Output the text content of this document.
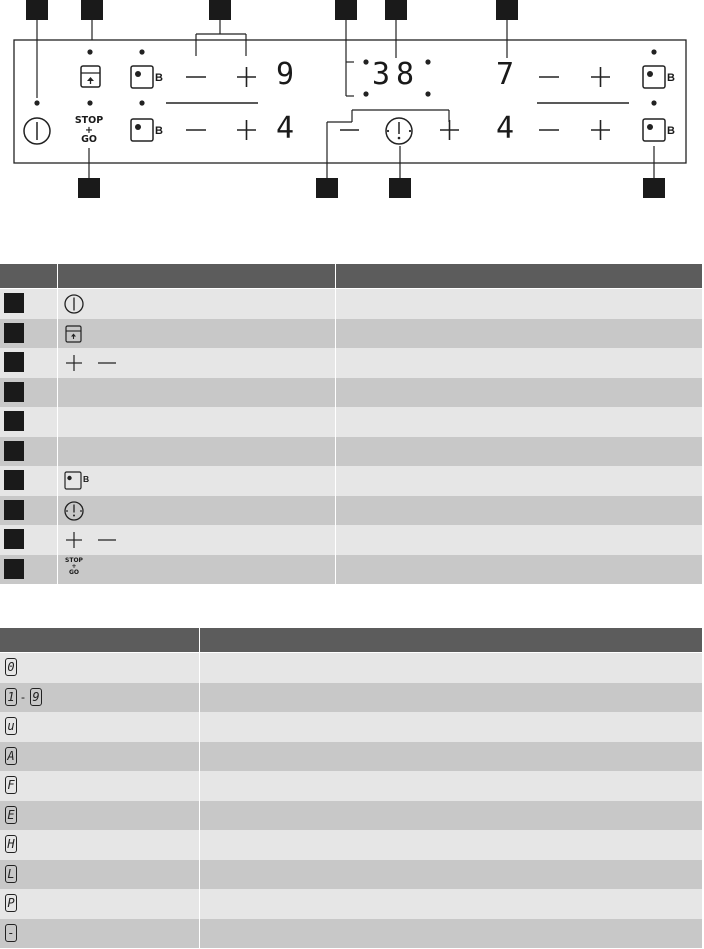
B
B
B
B
9
4
38	7
4
STOP
+
GO
B
STOP
+
GO
0
1 - 9
u
A
F
E
H
L
P
-
